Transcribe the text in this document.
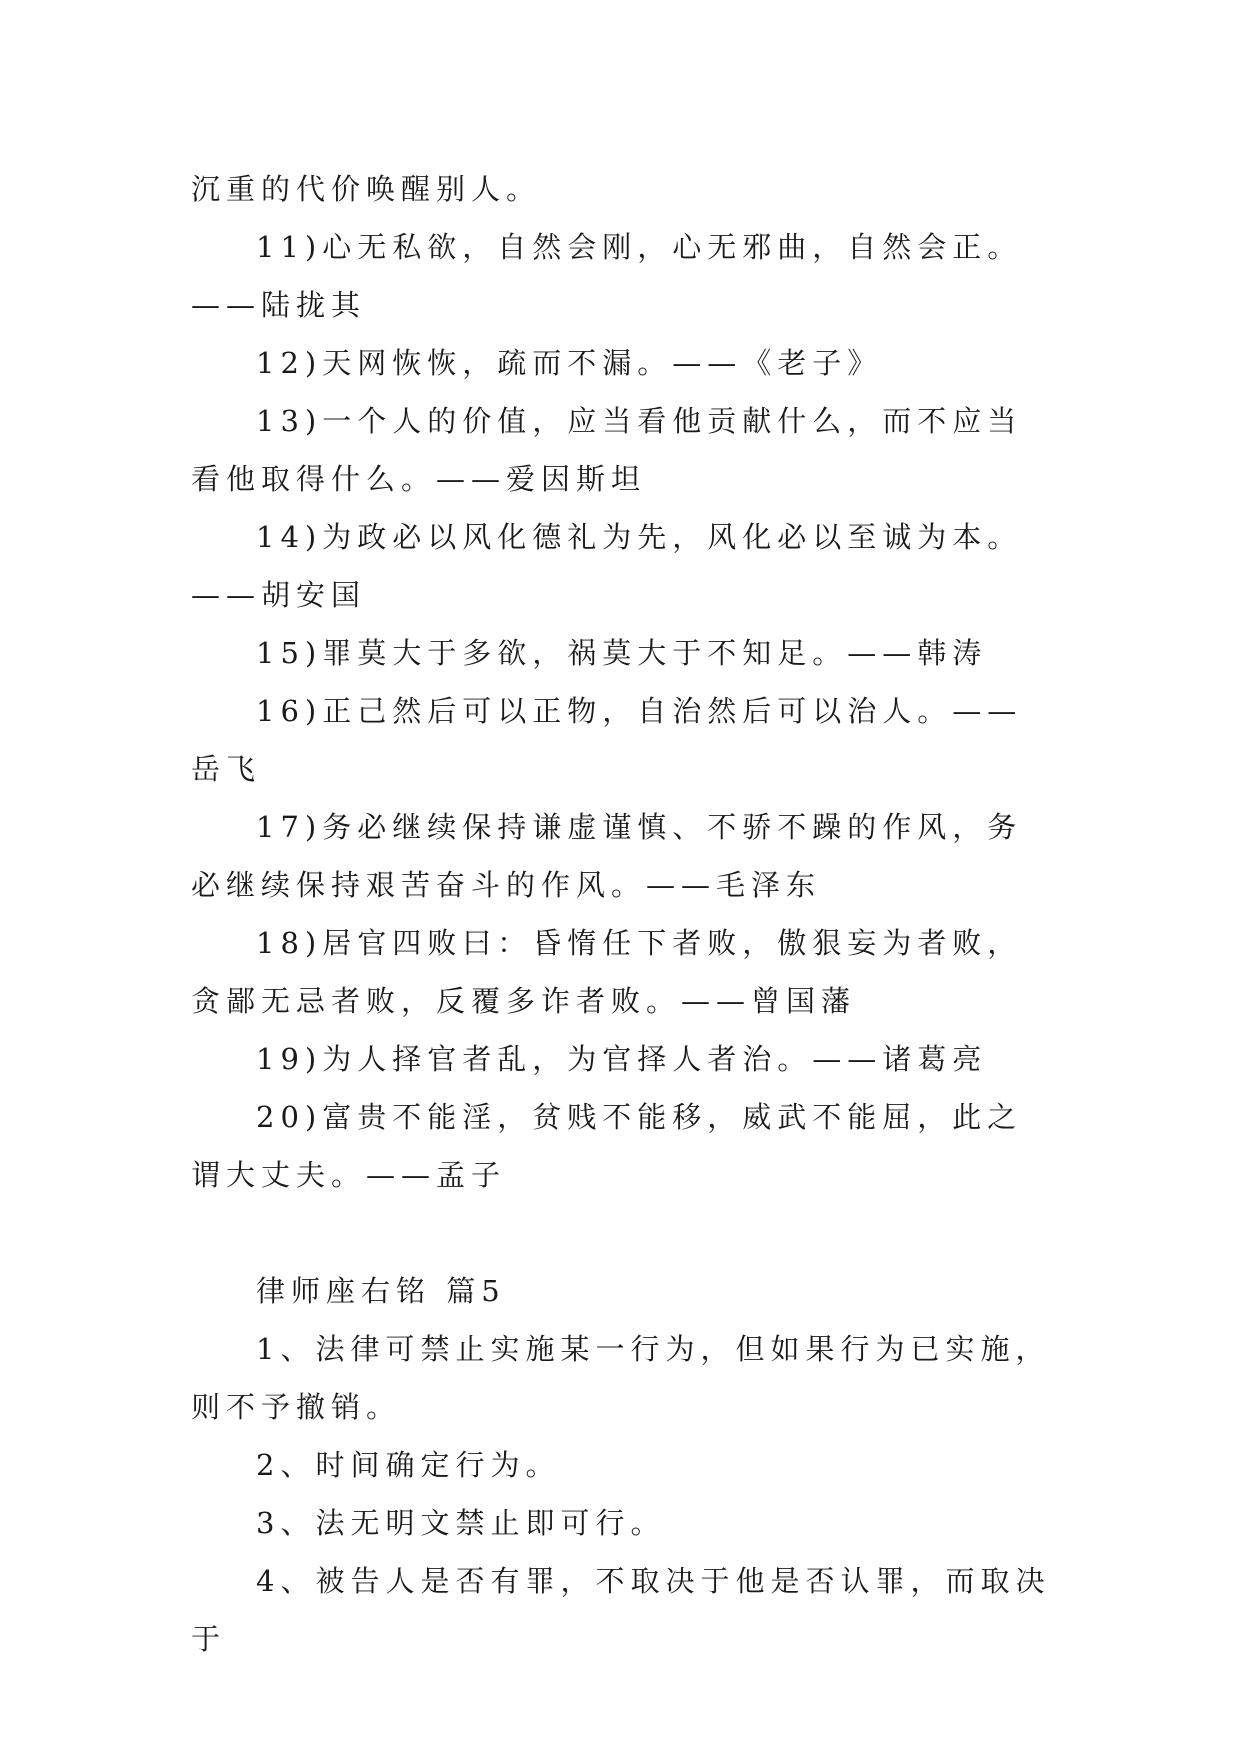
沉重的代价唤醒别人。

11)心无私欲，自然会刚，心无邪曲，自然会正。——陆拢其

12)天网恢恢，疏而不漏。——《老子》

13)一个人的价值，应当看他贡献什么，而不应当看他取得什么。——爱因斯坦

14)为政必以风化德礼为先，风化必以至诚为本。——胡安国

15)罪莫大于多欲，祸莫大于不知足。——韩涛

16)正己然后可以正物，自治然后可以治人。——岳飞

17)务必继续保持谦虚谨慎、不骄不躁的作风，务必继续保持艰苦奋斗的作风。——毛泽东

18)居官四败曰：昏惰任下者败，傲狠妄为者败，贪鄙无忌者败，反覆多诈者败。——曾国藩

19)为人择官者乱，为官择人者治。——诸葛亮

20)富贵不能淫，贫贱不能移，威武不能屈，此之谓大丈夫。——孟子

律师座右铭 篇5

1、法律可禁止实施某一行为，但如果行为已实施，则不予撤销。

2、时间确定行为。

3、法无明文禁止即可行。

4、被告人是否有罪，不取决于他是否认罪，而取决于
